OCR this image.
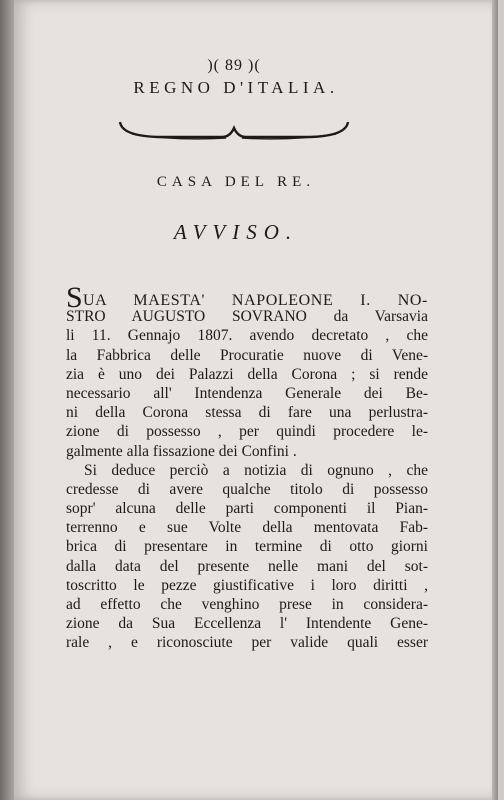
)( 89 )(
REGNO D'ITALIA.
CASA DEL RE.
AVVISO.
SUA MAESTA' NAPOLEONE I. NO-
STRO AUGUSTO SOVRANO da Varsavia
li 11. Gennajo 1807. avendo decretato , che
la Fabbrica delle Procuratie nuove di Vene-
zia è uno dei Palazzi della Corona ; si rende
necessario all' Intendenza Generale dei Be-
ni della Corona stessa di fare una perlustra-
zione di possesso , per quindi procedere le-
galmente alla fissazione dei Confini .
Si deduce perciò a notizia di ognuno , che
credesse di avere qualche titolo di possesso
sopr' alcuna delle parti componenti il Pian-
terrenno e sue Volte della mentovata Fab-
brica di presentare in termine di otto giorni
dalla data del presente nelle mani del sot-
toscritto le pezze giustificative i loro diritti ,
ad effetto che venghino prese in considera-
zione da Sua Eccellenza l' Intendente Gene-
rale , e riconosciute per valide quali esser
